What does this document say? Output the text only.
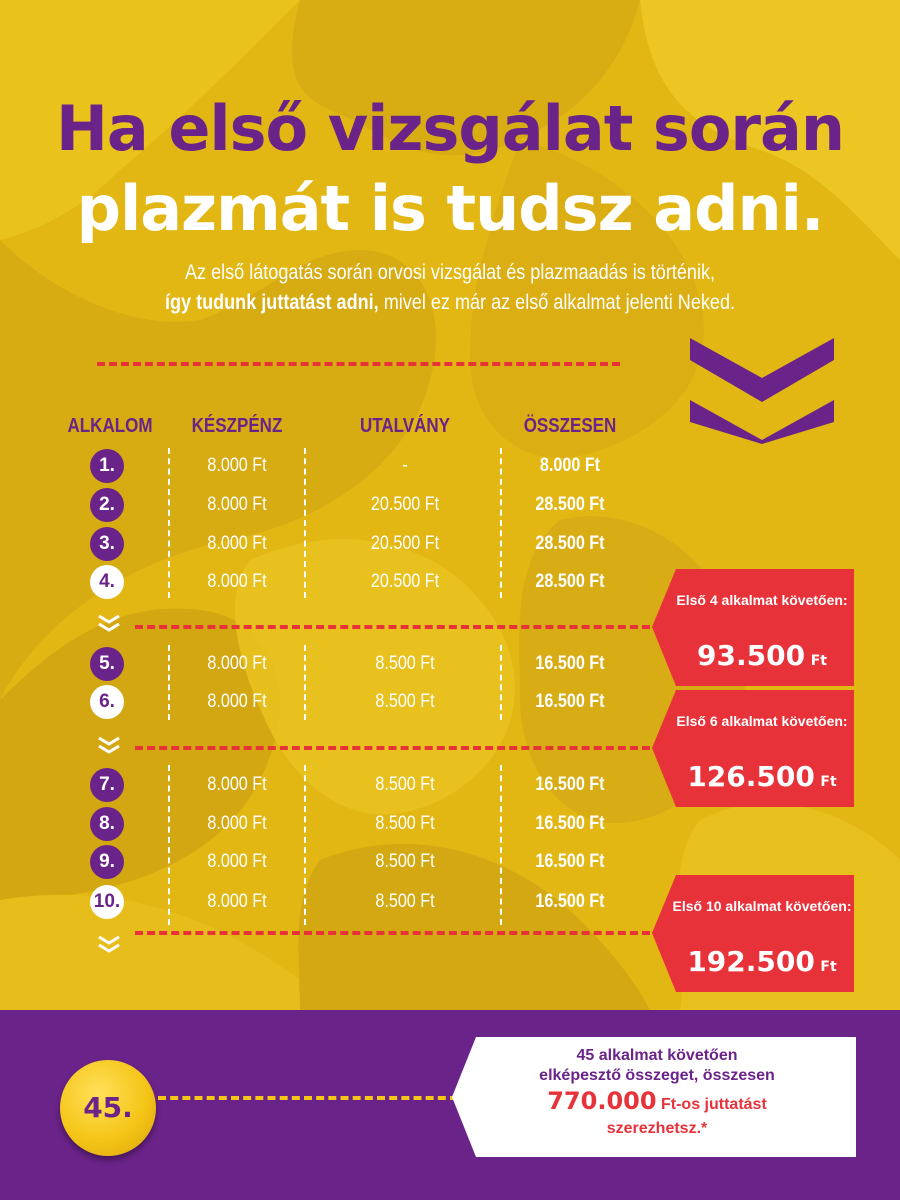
Ha első vizsgálat során
plazmát is tudsz adni.
Az első látogatás során orvosi vizsgálat és plazmaadás is történik,
így tudunk juttatást adni, mivel ez már az első alkalmat jelenti Neked.
ALKALOM	KÉSZPÉNZ	UTALVÁNY	ÖSSZESEN
1.	8.000 Ft	-	8.000 Ft
2.	8.000 Ft	20.500 Ft	28.500 Ft
3.	8.000 Ft	20.500 Ft	28.500 Ft
4.	8.000 Ft	20.500 Ft	28.500 Ft
5.	8.000 Ft	8.500 Ft	16.500 Ft
6.	8.000 Ft	8.500 Ft	16.500 Ft
7.	8.000 Ft	8.500 Ft	16.500 Ft
8.	8.000 Ft	8.500 Ft	16.500 Ft
9.	8.000 Ft	8.500 Ft	16.500 Ft
10.	8.000 Ft	8.500 Ft	16.500 Ft
Első 4 alkalmat követően:
93.500 Ft
Első 6 alkalmat követően:
126.500 Ft
Első 10 alkalmat követően:
192.500 Ft
45.
45 alkalmat követően
elképesztő összeget, összesen
770.000 Ft-os juttatást
szerezhetsz.*
